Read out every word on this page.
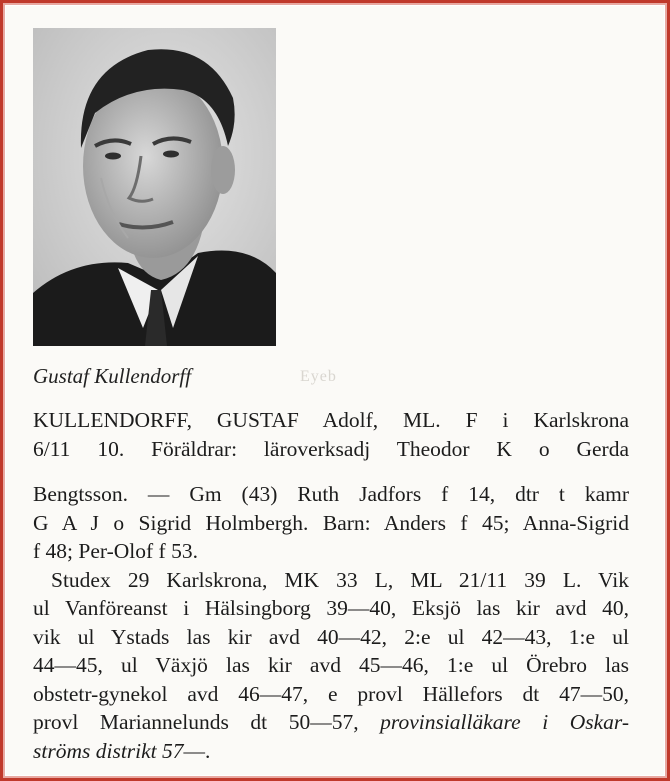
Gustaf Kullendorff	Eyeb
KULLENDORFF, GUSTAF Adolf, ML. F i Karlskrona
6/11 10. Föräldrar: läroverksadj Theodor K o Gerda
Bengtsson. — Gm (43) Ruth Jadfors f 14, dtr t kamr
G A J o Sigrid Holmbergh. Barn: Anders f 45; Anna-Sigrid
f 48; Per-Olof f 53.
Studex 29 Karlskrona, MK 33 L, ML 21/11 39 L. Vik
ul Vanföreanst i Hälsingborg 39—40, Eksjö las kir avd 40,
vik ul Ystads las kir avd 40—42, 2:e ul 42—43, 1:e ul
44—45, ul Växjö las kir avd 45—46, 1:e ul Örebro las
obstetr-gynekol avd 46—47, e provl Hällefors dt 47—50,
provl Mariannelunds dt 50—57, provinsialläkare i Oskar-
ströms distrikt 57—.
